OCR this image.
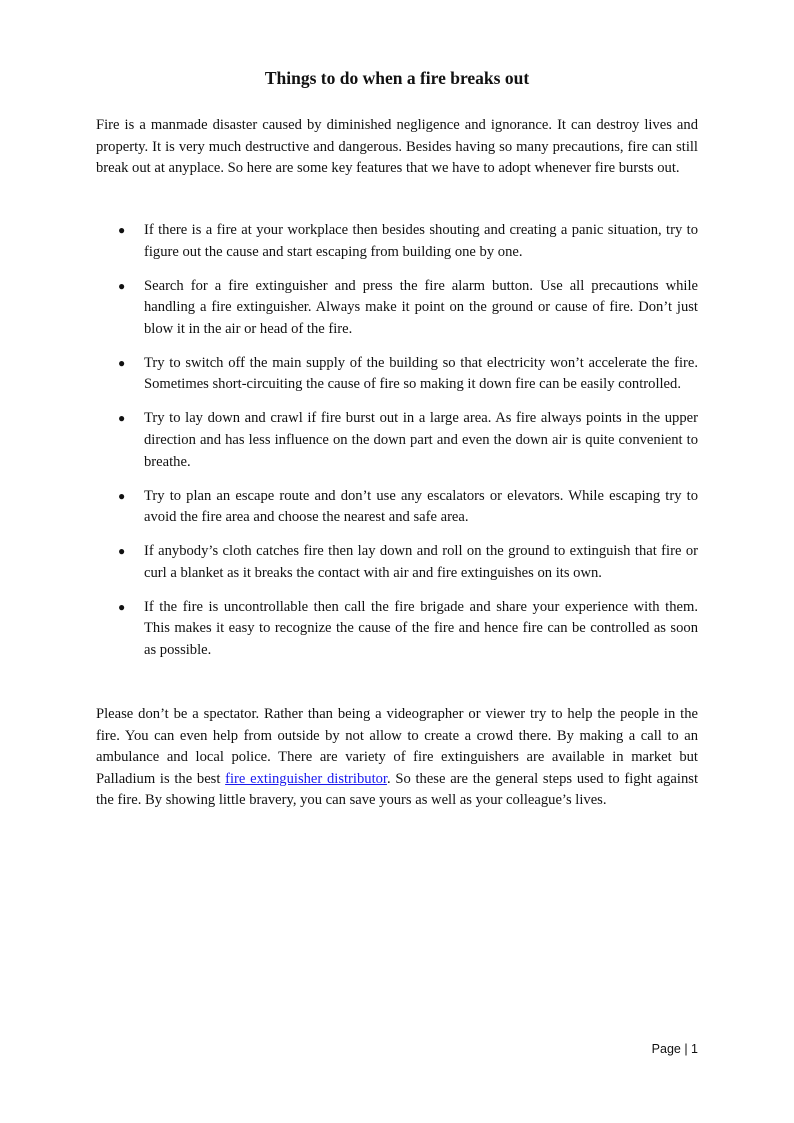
Things to do when a fire breaks out

Fire is a manmade disaster caused by diminished negligence and ignorance. It can destroy lives and property. It is very much destructive and dangerous. Besides having so many precautions, fire can still break out at anyplace. So here are some key features that we have to adopt whenever fire bursts out.

● If there is a fire at your workplace then besides shouting and creating a panic situation, try to figure out the cause and start escaping from building one by one.
● Search for a fire extinguisher and press the fire alarm button. Use all precautions while handling a fire extinguisher. Always make it point on the ground or cause of fire. Don’t just blow it in the air or head of the fire.
● Try to switch off the main supply of the building so that electricity won’t accelerate the fire. Sometimes short-circuiting the cause of fire so making it down fire can be easily controlled.
● Try to lay down and crawl if fire burst out in a large area. As fire always points in the upper direction and has less influence on the down part and even the down air is quite convenient to breathe.
● Try to plan an escape route and don’t use any escalators or elevators. While escaping try to avoid the fire area and choose the nearest and safe area.
● If anybody’s cloth catches fire then lay down and roll on the ground to extinguish that fire or curl a blanket as it breaks the contact with air and fire extinguishes on its own.
● If the fire is uncontrollable then call the fire brigade and share your experience with them. This makes it easy to recognize the cause of the fire and hence fire can be controlled as soon as possible.

Please don’t be a spectator. Rather than being a videographer or viewer try to help the people in the fire. You can even help from outside by not allow to create a crowd there. By making a call to an ambulance and local police. There are variety of fire extinguishers are available in market but Palladium is the best fire extinguisher distributor. So these are the general steps used to fight against the fire. By showing little bravery, you can save yours as well as your colleague’s lives.

Page | 1
